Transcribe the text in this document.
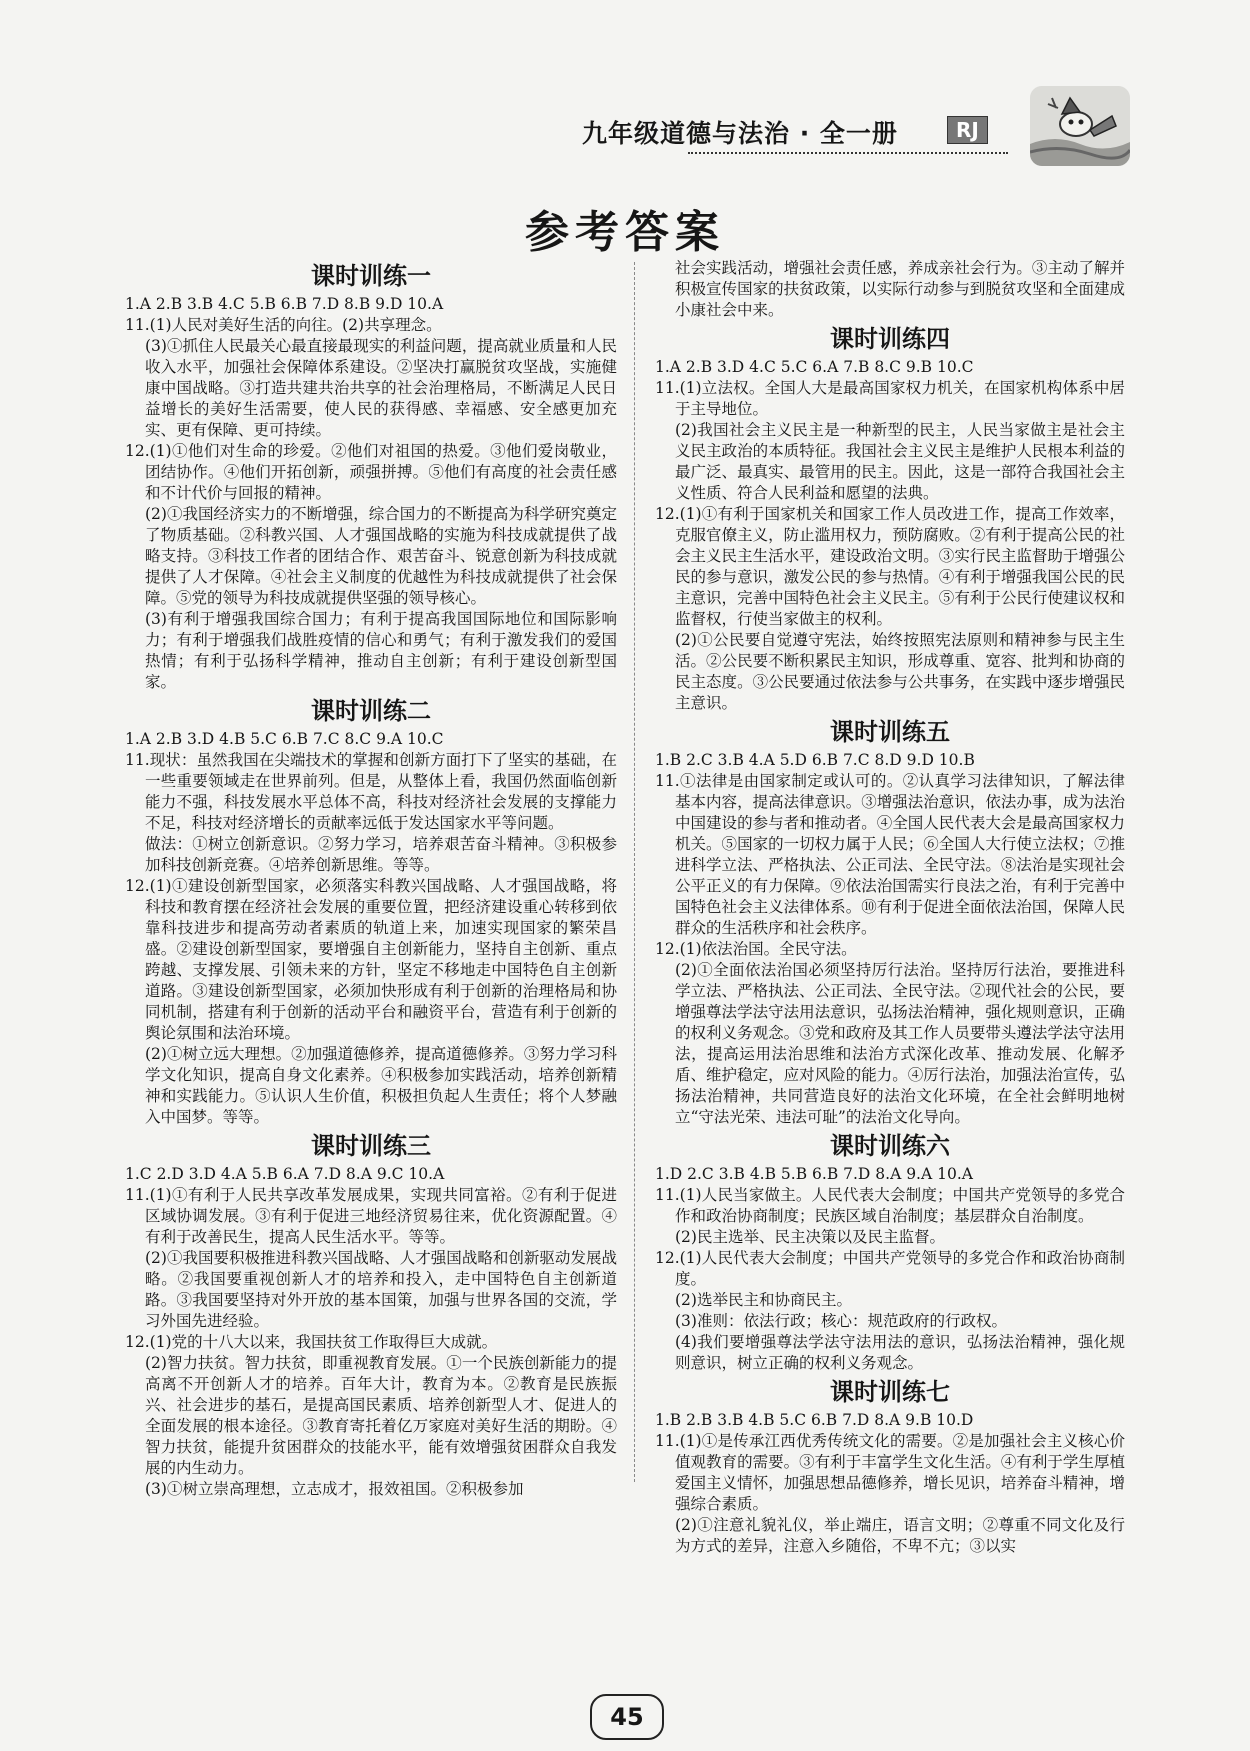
九年级道德与法治 · 全一册	RJ
参考答案
课时训练一
1.A 2.B 3.B 4.C 5.B 6.B 7.D 8.B 9.D 10.A

11.(1)人民对美好生活的向往。(2)共享理念。

(3)①抓住人民最关心最直接最现实的利益问题，提高就业质量和人民收入水平，加强社会保障体系建设。②坚决打赢脱贫攻坚战，实施健康中国战略。③打造共建共治共享的社会治理格局，不断满足人民日益增长的美好生活需要，使人民的获得感、幸福感、安全感更加充实、更有保障、更可持续。

12.(1)①他们对生命的珍爱。②他们对祖国的热爱。③他们爱岗敬业，团结协作。④他们开拓创新，顽强拼搏。⑤他们有高度的社会责任感和不计代价与回报的精神。

(2)①我国经济实力的不断增强，综合国力的不断提高为科学研究奠定了物质基础。②科教兴国、人才强国战略的实施为科技成就提供了战略支持。③科技工作者的团结合作、艰苦奋斗、锐意创新为科技成就提供了人才保障。④社会主义制度的优越性为科技成就提供了社会保障。⑤党的领导为科技成就提供坚强的领导核心。

(3)有利于增强我国综合国力；有利于提高我国国际地位和国际影响力；有利于增强我们战胜疫情的信心和勇气；有利于激发我们的爱国热情；有利于弘扬科学精神，推动自主创新；有利于建设创新型国家。

课时训练二
1.A 2.B 3.D 4.B 5.C 6.B 7.C 8.C 9.A 10.C

11.现状：虽然我国在尖端技术的掌握和创新方面打下了坚实的基础，在一些重要领域走在世界前列。但是，从整体上看，我国仍然面临创新能力不强，科技发展水平总体不高，科技对经济社会发展的支撑能力不足，科技对经济增长的贡献率远低于发达国家水平等问题。

做法：①树立创新意识。②努力学习，培养艰苦奋斗精神。③积极参加科技创新竞赛。④培养创新思维。等等。

12.(1)①建设创新型国家，必须落实科教兴国战略、人才强国战略，将科技和教育摆在经济社会发展的重要位置，把经济建设重心转移到依靠科技进步和提高劳动者素质的轨道上来，加速实现国家的繁荣昌盛。②建设创新型国家，要增强自主创新能力，坚持自主创新、重点跨越、支撑发展、引领未来的方针，坚定不移地走中国特色自主创新道路。③建设创新型国家，必须加快形成有利于创新的治理格局和协同机制，搭建有利于创新的活动平台和融资平台，营造有利于创新的舆论氛围和法治环境。

(2)①树立远大理想。②加强道德修养，提高道德修养。③努力学习科学文化知识，提高自身文化素养。④积极参加实践活动，培养创新精神和实践能力。⑤认识人生价值，积极担负起人生责任；将个人梦融入中国梦。等等。

课时训练三
1.C 2.D 3.D 4.A 5.B 6.A 7.D 8.A 9.C 10.A

11.(1)①有利于人民共享改革发展成果，实现共同富裕。②有利于促进区域协调发展。③有利于促进三地经济贸易往来，优化资源配置。④有利于改善民生，提高人民生活水平。等等。

(2)①我国要积极推进科教兴国战略、人才强国战略和创新驱动发展战略。②我国要重视创新人才的培养和投入，走中国特色自主创新道路。③我国要坚持对外开放的基本国策，加强与世界各国的交流，学习外国先进经验。

12.(1)党的十八大以来，我国扶贫工作取得巨大成就。

(2)智力扶贫。智力扶贫，即重视教育发展。①一个民族创新能力的提高离不开创新人才的培养。百年大计，教育为本。②教育是民族振兴、社会进步的基石，是提高国民素质、培养创新型人才、促进人的全面发展的根本途径。③教育寄托着亿万家庭对美好生活的期盼。④智力扶贫，能提升贫困群众的技能水平，能有效增强贫困群众自我发展的内生动力。

(3)①树立崇高理想，立志成才，报效祖国。②积极参加

社会实践活动，增强社会责任感，养成亲社会行为。③主动了解并积极宣传国家的扶贫政策，以实际行动参与到脱贫攻坚和全面建成小康社会中来。

课时训练四
1.A 2.B 3.D 4.C 5.C 6.A 7.B 8.C 9.B 10.C

11.(1)立法权。全国人大是最高国家权力机关，在国家机构体系中居于主导地位。

(2)我国社会主义民主是一种新型的民主，人民当家做主是社会主义民主政治的本质特征。我国社会主义民主是维护人民根本利益的最广泛、最真实、最管用的民主。因此，这是一部符合我国社会主义性质、符合人民利益和愿望的法典。

12.(1)①有利于国家机关和国家工作人员改进工作，提高工作效率，克服官僚主义，防止滥用权力，预防腐败。②有利于提高公民的社会主义民主生活水平，建设政治文明。③实行民主监督助于增强公民的参与意识，激发公民的参与热情。④有利于增强我国公民的民主意识，完善中国特色社会主义民主。⑤有利于公民行使建议权和监督权，行使当家做主的权利。

(2)①公民要自觉遵守宪法，始终按照宪法原则和精神参与民主生活。②公民要不断积累民主知识，形成尊重、宽容、批判和协商的民主态度。③公民要通过依法参与公共事务，在实践中逐步增强民主意识。

课时训练五
1.B 2.C 3.B 4.A 5.D 6.B 7.C 8.D 9.D 10.B

11.①法律是由国家制定或认可的。②认真学习法律知识，了解法律基本内容，提高法律意识。③增强法治意识，依法办事，成为法治中国建设的参与者和推动者。④全国人民代表大会是最高国家权力机关。⑤国家的一切权力属于人民；⑥全国人大行使立法权；⑦推进科学立法、严格执法、公正司法、全民守法。⑧法治是实现社会公平正义的有力保障。⑨依法治国需实行良法之治，有利于完善中国特色社会主义法律体系。⑩有利于促进全面依法治国，保障人民群众的生活秩序和社会秩序。

12.(1)依法治国。全民守法。

(2)①全面依法治国必须坚持厉行法治。坚持厉行法治，要推进科学立法、严格执法、公正司法、全民守法。②现代社会的公民，要增强尊法学法守法用法意识，弘扬法治精神，强化规则意识，正确的权利义务观念。③党和政府及其工作人员要带头遵法学法守法用法，提高运用法治思维和法治方式深化改革、推动发展、化解矛盾、维护稳定，应对风险的能力。④厉行法治，加强法治宣传，弘扬法治精神，共同营造良好的法治文化环境，在全社会鲜明地树立“守法光荣、违法可耻”的法治文化导向。

课时训练六
1.D 2.C 3.B 4.B 5.B 6.B 7.D 8.A 9.A 10.A

11.(1)人民当家做主。人民代表大会制度；中国共产党领导的多党合作和政治协商制度；民族区域自治制度；基层群众自治制度。

(2)民主选举、民主决策以及民主监督。

12.(1)人民代表大会制度；中国共产党领导的多党合作和政治协商制度。

(2)选举民主和协商民主。

(3)准则：依法行政；核心：规范政府的行政权。

(4)我们要增强尊法学法守法用法的意识，弘扬法治精神，强化规则意识，树立正确的权利义务观念。

课时训练七
1.B 2.B 3.B 4.B 5.C 6.B 7.D 8.A 9.B 10.D

11.(1)①是传承江西优秀传统文化的需要。②是加强社会主义核心价值观教育的需要。③有利于丰富学生文化生活。④有利于学生厚植爱国主义情怀，加强思想品德修养，增长见识，培养奋斗精神，增强综合素质。

(2)①注意礼貌礼仪，举止端庄，语言文明；②尊重不同文化及行为方式的差异，注意入乡随俗，不卑不亢；③以实

45
